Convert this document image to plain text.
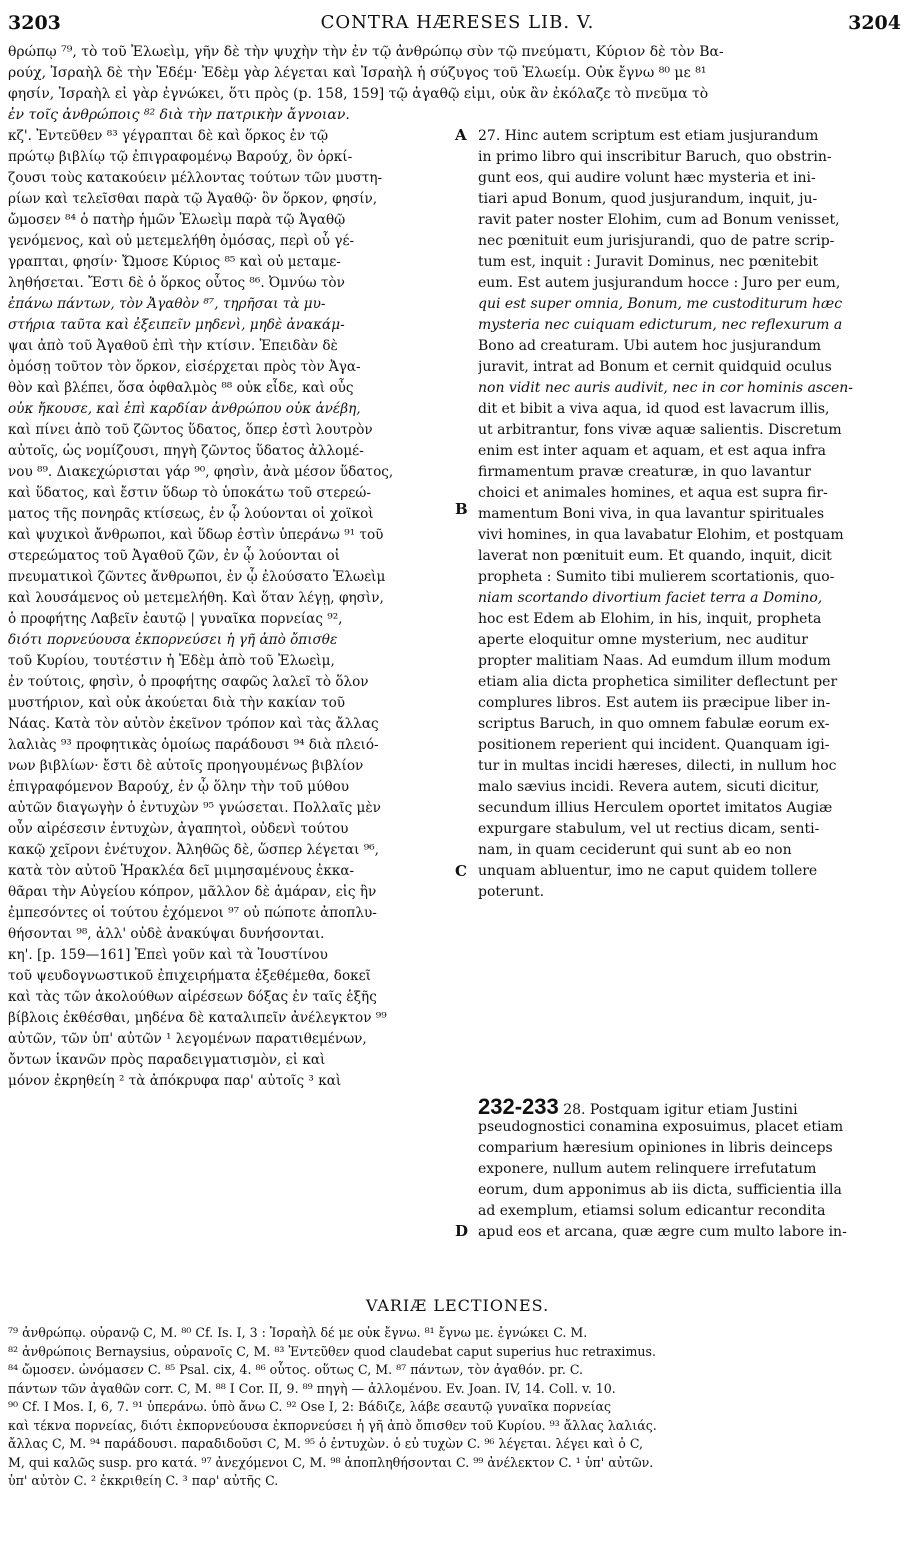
3203	CONTRA HÆRESES LIB. V.	3204
θρώπῳ ⁷⁹, τὸ τοῦ Ἐλωεὶμ, γῆν δὲ τὴν ψυχὴν τὴν ἐν τῷ ἀνθρώπῳ σὺν τῷ πνεύματι, Κύριον δὲ τὸν Βα-
ρούχ, Ἰσραὴλ δὲ τὴν Ἐδέμ· Ἐδὲμ γὰρ λέγεται καὶ Ἰσραὴλ ἡ σύζυγος τοῦ Ἐλωείμ. Οὐκ ἔγνω ⁸⁰ με ⁸¹
φησίν, Ἰσραὴλ εἰ γὰρ ἐγνώκει, ὅτι πρὸς (p. 158, 159] τῷ ἀγαθῷ εἰμι, οὐκ ἂν ἐκόλαζε τὸ πνεῦμα τὸ
ἐν τοῖς ἀνθρώποις ⁸² διὰ τὴν πατρικὴν ἄγνοιαν.
κζ'. Ἐντεῦθεν ⁸³ γέγραπται δὲ καὶ ὅρκος ἐν τῷ
πρώτῳ βιβλίῳ τῷ ἐπιγραφομένῳ Βαρούχ, ὃν ὁρκί-
ζουσι τοὺς κατακούειν μέλλοντας τούτων τῶν μυστη-
ρίων καὶ τελεῖσθαι παρὰ τῷ Ἀγαθῷ· ὃν ὅρκον, φησίν,
ὤμοσεν ⁸⁴ ὁ πατὴρ ἡμῶν Ἐλωεὶμ παρὰ τῷ Ἀγαθῷ
γενόμενος, καὶ οὐ μετεμελήθη ὀμόσας, περὶ οὗ γέ-
γραπται, φησίν· Ὤμοσε Κύριος ⁸⁵ καὶ οὐ μεταμε-
ληθήσεται. Ἔστι δὲ ὁ ὅρκος οὗτος ⁸⁶. Ὀμνύω τὸν
ἐπάνω πάντων, τὸν Ἀγαθὸν ⁸⁷, τηρῆσαι τὰ μυ-
στήρια ταῦτα καὶ ἐξειπεῖν μηδενὶ, μηδὲ ἀνακάμ-
ψαι ἀπὸ τοῦ Ἀγαθοῦ ἐπὶ τὴν κτίσιν. Ἐπειδὰν δὲ
ὀμόσῃ τοῦτον τὸν ὅρκον, εἰσέρχεται πρὸς τὸν Ἀγα-
θὸν καὶ βλέπει, ὅσα ὀφθαλμὸς ⁸⁸ οὐκ εἶδε, καὶ οὖς
οὐκ ἤκουσε, καὶ ἐπὶ καρδίαν ἀνθρώπου οὐκ ἀνέβη,
καὶ πίνει ἀπὸ τοῦ ζῶντος ὕδατος, ὅπερ ἐστὶ λουτρὸν
αὐτοῖς, ὡς νομίζουσι, πηγὴ ζῶντος ὕδατος ἀλλομέ-
νου ⁸⁹. Διακεχώρισται γάρ ⁹⁰, φησὶν, ἀνὰ μέσον ὕδατος,
καὶ ὕδατος, καὶ ἔστιν ὕδωρ τὸ ὑποκάτω τοῦ στερεώ-
ματος τῆς πονηρᾶς κτίσεως, ἐν ᾧ λούονται οἱ χοϊκοὶ
καὶ ψυχικοὶ ἄνθρωποι, καὶ ὕδωρ ἐστὶν ὑπεράνω ⁹¹ τοῦ
στερεώματος τοῦ Ἀγαθοῦ ζῶν, ἐν ᾧ λούονται οἱ
πνευματικοὶ ζῶντες ἄνθρωποι, ἐν ᾧ ἐλούσατο Ἐλωεὶμ
καὶ λουσάμενος οὐ μετεμελήθη. Καὶ ὅταν λέγῃ, φησὶν,
ὁ προφήτης Λαβεῖν ἑαυτῷ | γυναῖκα πορνείας ⁹²,
διότι πορνεύουσα ἐκπορνεύσει ἡ γῆ ἀπὸ ὄπισθε
τοῦ Κυρίου, τουτέστιν ἡ Ἐδὲμ ἀπὸ τοῦ Ἐλωεὶμ,
ἐν τούτοις, φησὶν, ὁ προφήτης σαφῶς λαλεῖ τὸ ὅλον
μυστήριον, καὶ οὐκ ἀκούεται διὰ τὴν κακίαν τοῦ
Νάας. Κατὰ τὸν αὐτὸν ἐκεῖνον τρόπον καὶ τὰς ἄλλας
λαλιὰς ⁹³ προφητικὰς ὁμοίως παράδουσι ⁹⁴ διὰ πλειό-
νων βιβλίων· ἔστι δὲ αὐτοῖς προηγουμένως βιβλίον
ἐπιγραφόμενον Βαρούχ, ἐν ᾧ ὅλην τὴν τοῦ μύθου
αὐτῶν διαγωγὴν ὁ ἐντυχὼν ⁹⁵ γνώσεται. Πολλαῖς μὲν
οὖν αἱρέσεσιν ἐντυχὼν, ἀγαπητοὶ, οὐδενὶ τούτου
κακῷ χεῖρονι ἐνέτυχον. Ἀληθῶς δὲ, ὥσπερ λέγεται ⁹⁶,
κατὰ τὸν αὐτοῦ Ἡρακλέα δεῖ μιμησαμένους ἐκκα-
θᾶραι τὴν Αὐγείου κόπρον, μᾶλλον δὲ ἀμάραν, εἰς ἣν
ἐμπεσόντες οἱ τούτου ἐχόμενοι ⁹⁷ οὐ πώποτε ἀποπλυ-
θήσονται ⁹⁸, ἀλλ' οὐδὲ ἀνακύψαι δυνήσονται.
κη'. [p. 159—161] Ἐπεὶ γοῦν καὶ τὰ Ἰουστίνου
τοῦ ψευδογνωστικοῦ ἐπιχειρήματα ἐξεθέμεθα, δοκεῖ
καὶ τὰς τῶν ἀκολούθων αἱρέσεων δόξας ἐν ταῖς ἑξῆς
βίβλοις ἐκθέσθαι, μηδένα δὲ καταλιπεῖν ἀνέλεγκτον ⁹⁹
αὐτῶν, τῶν ὑπ' αὐτῶν ¹ λεγομένων παρατιθεμένων,
ὄντων ἱκανῶν πρὸς παραδειγματισμὸν, εἰ καὶ
μόνον ἐκρηθείη ² τὰ ἀπόκρυφα παρ' αὐτοῖς ³ καὶ
A
B
C
D
27. Hinc autem scriptum est etiam jusjurandum
in primo libro qui inscribitur Baruch, quo obstrin-
gunt eos, qui audire volunt hæc mysteria et ini-
tiari apud Bonum, quod jusjurandum, inquit, ju-
ravit pater noster Elohim, cum ad Bonum venisset,
nec pœnituit eum jurisjurandi, quo de patre scrip-
tum est, inquit : Juravit Dominus, nec pœnitebit
eum. Est autem jusjurandum hocce : Juro per eum,
qui est super omnia, Bonum, me custoditurum hæc
mysteria nec cuiquam edicturum, nec reflexurum a
Bono ad creaturam. Ubi autem hoc jusjurandum
juravit, intrat ad Bonum et cernit quidquid oculus
non vidit nec auris audivit, nec in cor hominis ascen-
dit et bibit a viva aqua, id quod est lavacrum illis,
ut arbitrantur, fons vivæ aquæ salientis. Discretum
enim est inter aquam et aquam, et est aqua infra
firmamentum pravæ creaturæ, in quo lavantur
choici et animales homines, et aqua est supra fir-
mamentum Boni viva, in qua lavantur spirituales
vivi homines, in qua lavabatur Elohim, et postquam
laverat non pœnituit eum. Et quando, inquit, dicit
propheta : Sumito tibi mulierem scortationis, quo-
niam scortando divortium faciet terra a Domino,
hoc est Edem ab Elohim, in his, inquit, propheta
aperte eloquitur omne mysterium, nec auditur
propter malitiam Naas. Ad eumdum illum modum
etiam alia dicta prophetica similiter deflectunt per
complures libros. Est autem iis præcipue liber in-
scriptus Baruch, in quo omnem fabulæ eorum ex-
positionem reperient qui incident. Quanquam igi-
tur in multas incidi hæreses, dilecti, in nullum hoc
malo sævius incidi. Revera autem, sicuti dicitur,
secundum illius Herculem oportet imitatos Augiæ
expurgare stabulum, vel ut rectius dicam, senti-
nam, in quam ceciderunt qui sunt ab eo non
unquam abluentur, imo ne caput quidem tollere
poterunt.
232-233 28. Postquam igitur etiam Justini
pseudognostici conamina exposuimus, placet etiam
comparium hæresium opiniones in libris deinceps
exponere, nullum autem relinquere irrefutatum
eorum, dum apponimus ab iis dicta, sufficientia illa
ad exemplum, etiamsi solum edicantur recondita
apud eos et arcana, quæ ægre cum multo labore in-
VARIÆ LECTIONES.
⁷⁹ ἀνθρώπῳ. οὐρανῷ C, M. ⁸⁰ Cf. Is. I, 3 : Ἰσραὴλ δέ με οὐκ ἔγνω. ⁸¹ ἔγνω με. ἐγνώκει C. M.
⁸² ἀνθρώποις Bernaysius, οὐρανοῖς C, M. ⁸³ Ἐντεῦθεν quod claudebat caput superius huc retraximus.
⁸⁴ ὤμοσεν. ὠνόμασεν C. ⁸⁵ Psal. cix, 4. ⁸⁶ οὗτος. οὕτως C, M. ⁸⁷ πάντων, τὸν ἀγαθόν. pr. C.
πάντων τῶν ἀγαθῶν corr. C, M. ⁸⁸ I Cor. II, 9. ⁸⁹ πηγὴ — ἀλλομένου. Ev. Joan. IV, 14. Coll. v. 10.
⁹⁰ Cf. I Mos. I, 6, 7. ⁹¹ ὑπεράνω. ὑπὸ ἄνω C. ⁹² Ose I, 2: Βάδιζε, λάβε σεαυτῷ γυναῖκα πορνείας
καὶ τέκνα πορνείας, διότι ἐκπορνεύουσα ἐκπορνεύσει ἡ γῆ ἀπὸ ὄπισθεν τοῦ Κυρίου. ⁹³ ἄλλας λαλιάς.
ἄλλας C, M. ⁹⁴ παράδουσι. παραδιδοῦσι C, M. ⁹⁵ ὁ ἐντυχὼν. ὁ εὐ τυχὼν C. ⁹⁶ λέγεται. λέγει καὶ ὁ C,
M, qui καλῶς susp. pro κατά. ⁹⁷ ἀνεχόμενοι C, M. ⁹⁸ ἀποπληθήσονται C. ⁹⁹ ἀνέλεκτον C. ¹ ὑπ' αὐτῶν.
ὑπ' αὐτὸν C. ² ἐκκριθείη C. ³ παρ' αὐτῆς C.
